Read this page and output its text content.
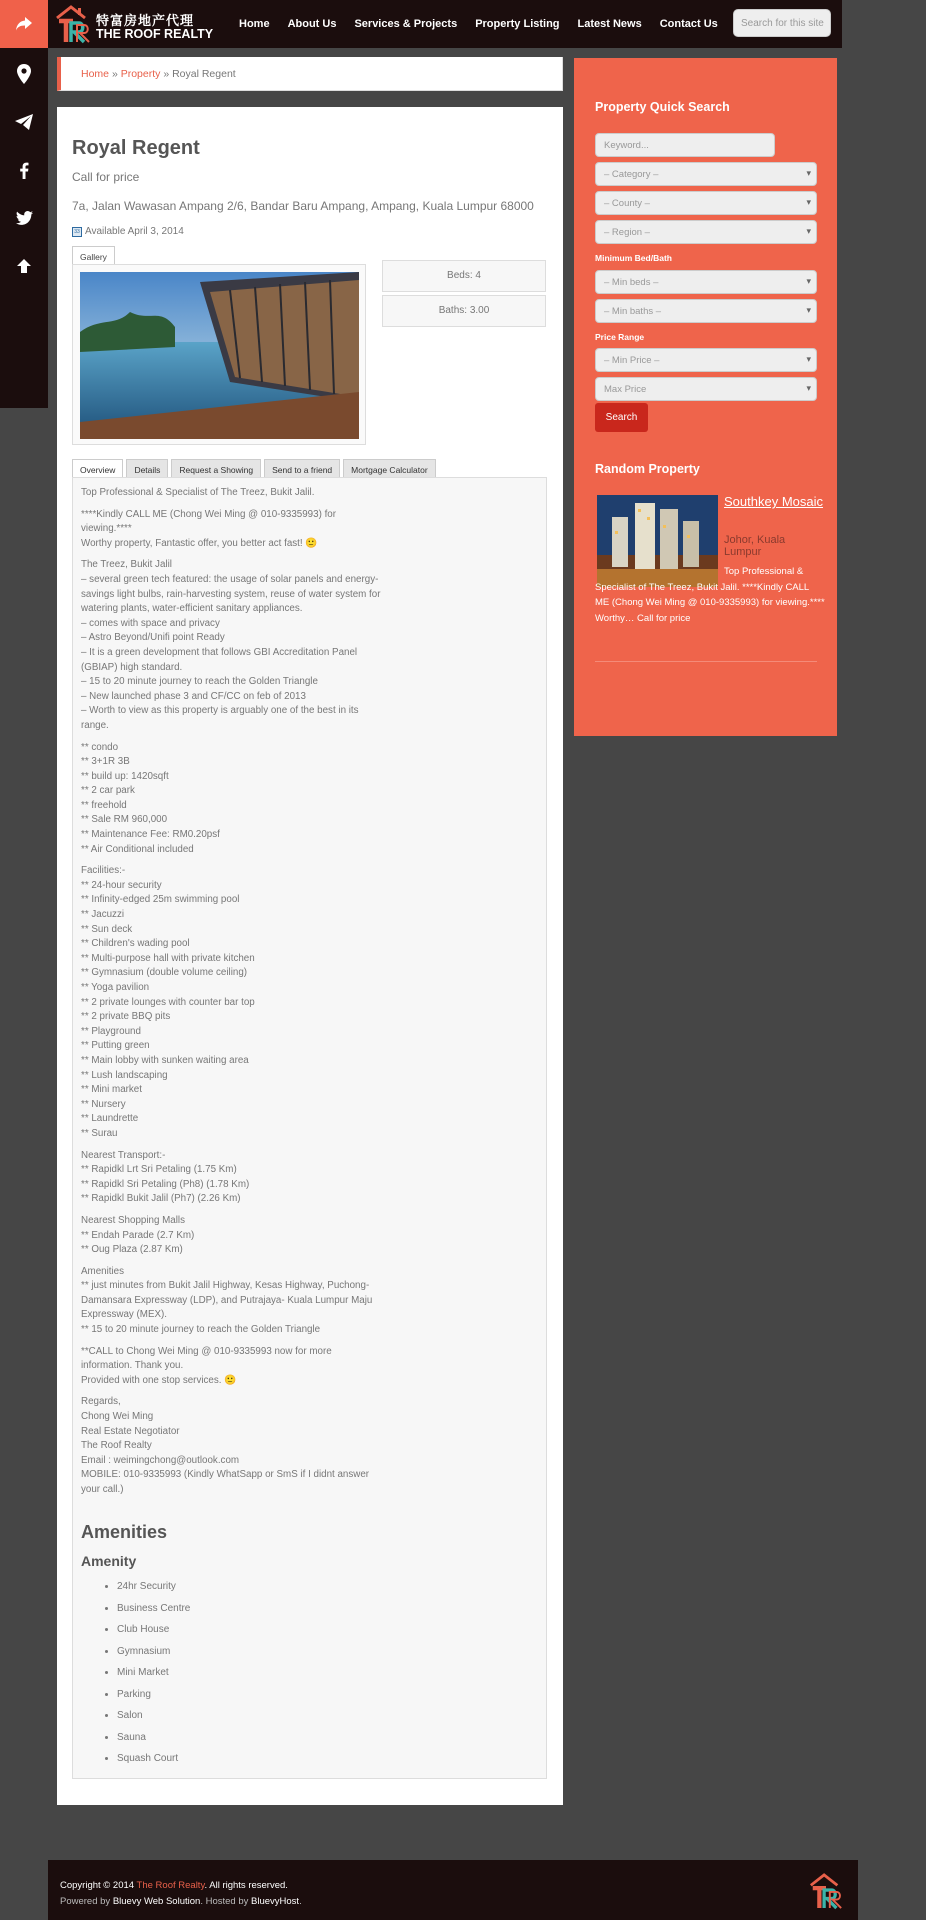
特富房地产代理
THE ROOF REALTY
Home About Us Services & Projects Property Listing Latest News Contact Us	Search for this site
Home » Property » Royal Regent
Royal Regent
Call for price
7a, Jalan Wawasan Ampang 2/6, Bandar Baru Ampang, Ampang, Kuala Lumpur 68000
33 Available April 3, 2014
Gallery
Beds: 4
Baths: 3.00
Overview	Details	Request a Showing	Send to a friend	Mortgage Calculator

Top Professional & Specialist of The Treez, Bukit Jalil.

****Kindly CALL ME (Chong Wei Ming @ 010-9335993) for viewing.****
Worthy property, Fantastic offer, you better act fast! 🙂

The Treez, Bukit Jalil
– several green tech featured: the usage of solar panels and energy-savings light bulbs, rain-harvesting system, reuse of water system for watering plants, water-efficient sanitary appliances.
– comes with space and privacy
– Astro Beyond/Unifi point Ready
– It is a green development that follows GBI Accreditation Panel (GBIAP) high standard.
– 15 to 20 minute journey to reach the Golden Triangle
– New launched phase 3 and CF/CC on feb of 2013
– Worth to view as this property is arguably one of the best in its range.

** condo
** 3+1R 3B
** build up: 1420sqft
** 2 car park
** freehold
** Sale RM 960,000
** Maintenance Fee: RM0.20psf
** Air Conditional included

Facilities:-
** 24-hour security
** Infinity-edged 25m swimming pool
** Jacuzzi
** Sun deck
** Children's wading pool
** Multi-purpose hall with private kitchen
** Gymnasium (double volume ceiling)
** Yoga pavilion
** 2 private lounges with counter bar top
** 2 private BBQ pits
** Playground
** Putting green
** Main lobby with sunken waiting area
** Lush landscaping
** Mini market
** Nursery
** Laundrette
** Surau

Nearest Transport:-
** Rapidkl Lrt Sri Petaling (1.75 Km)
** Rapidkl Sri Petaling (Ph8) (1.78 Km)
** Rapidkl Bukit Jalil (Ph7) (2.26 Km)

Nearest Shopping Malls
** Endah Parade (2.7 Km)
** Oug Plaza (2.87 Km)

Amenities
** just minutes from Bukit Jalil Highway, Kesas Highway, Puchong-Damansara Expressway (LDP), and Putrajaya- Kuala Lumpur Maju Expressway (MEX).
** 15 to 20 minute journey to reach the Golden Triangle

**CALL to Chong Wei Ming @ 010-9335993 now for more information. Thank you.
Provided with one stop services. 🙂

Regards,
Chong Wei Ming
Real Estate Negotiator
The Roof Realty
Email : weimingchong@outlook.com
MOBILE: 010-9335993 (Kindly WhatSapp or SmS if I didnt answer your call.)

Amenities
Amenity
• 24hr Security
• Business Centre
• Club House
• Gymnasium
• Mini Market
• Parking
• Salon
• Sauna
• Squash Court
Property Quick Search
Keyword...
– Category – ▾
– County – ▾
– Region – ▾
Minimum Bed/Bath
– Min beds – ▾
– Min baths – ▾
Price Range
– Min Price – ▾
Max Price ▾
Search
Random Property
Southkey Mosaic
Johor, Kuala Lumpur
Top Professional & Specialist of The Treez, Bukit Jalil. ****Kindly CALL ME (Chong Wei Ming @ 010-9335993) for viewing.**** Worthy… Call for price
Copyright © 2014 The Roof Realty. All rights reserved.
Powered by Bluevy Web Solution. Hosted by BluevyHost.
